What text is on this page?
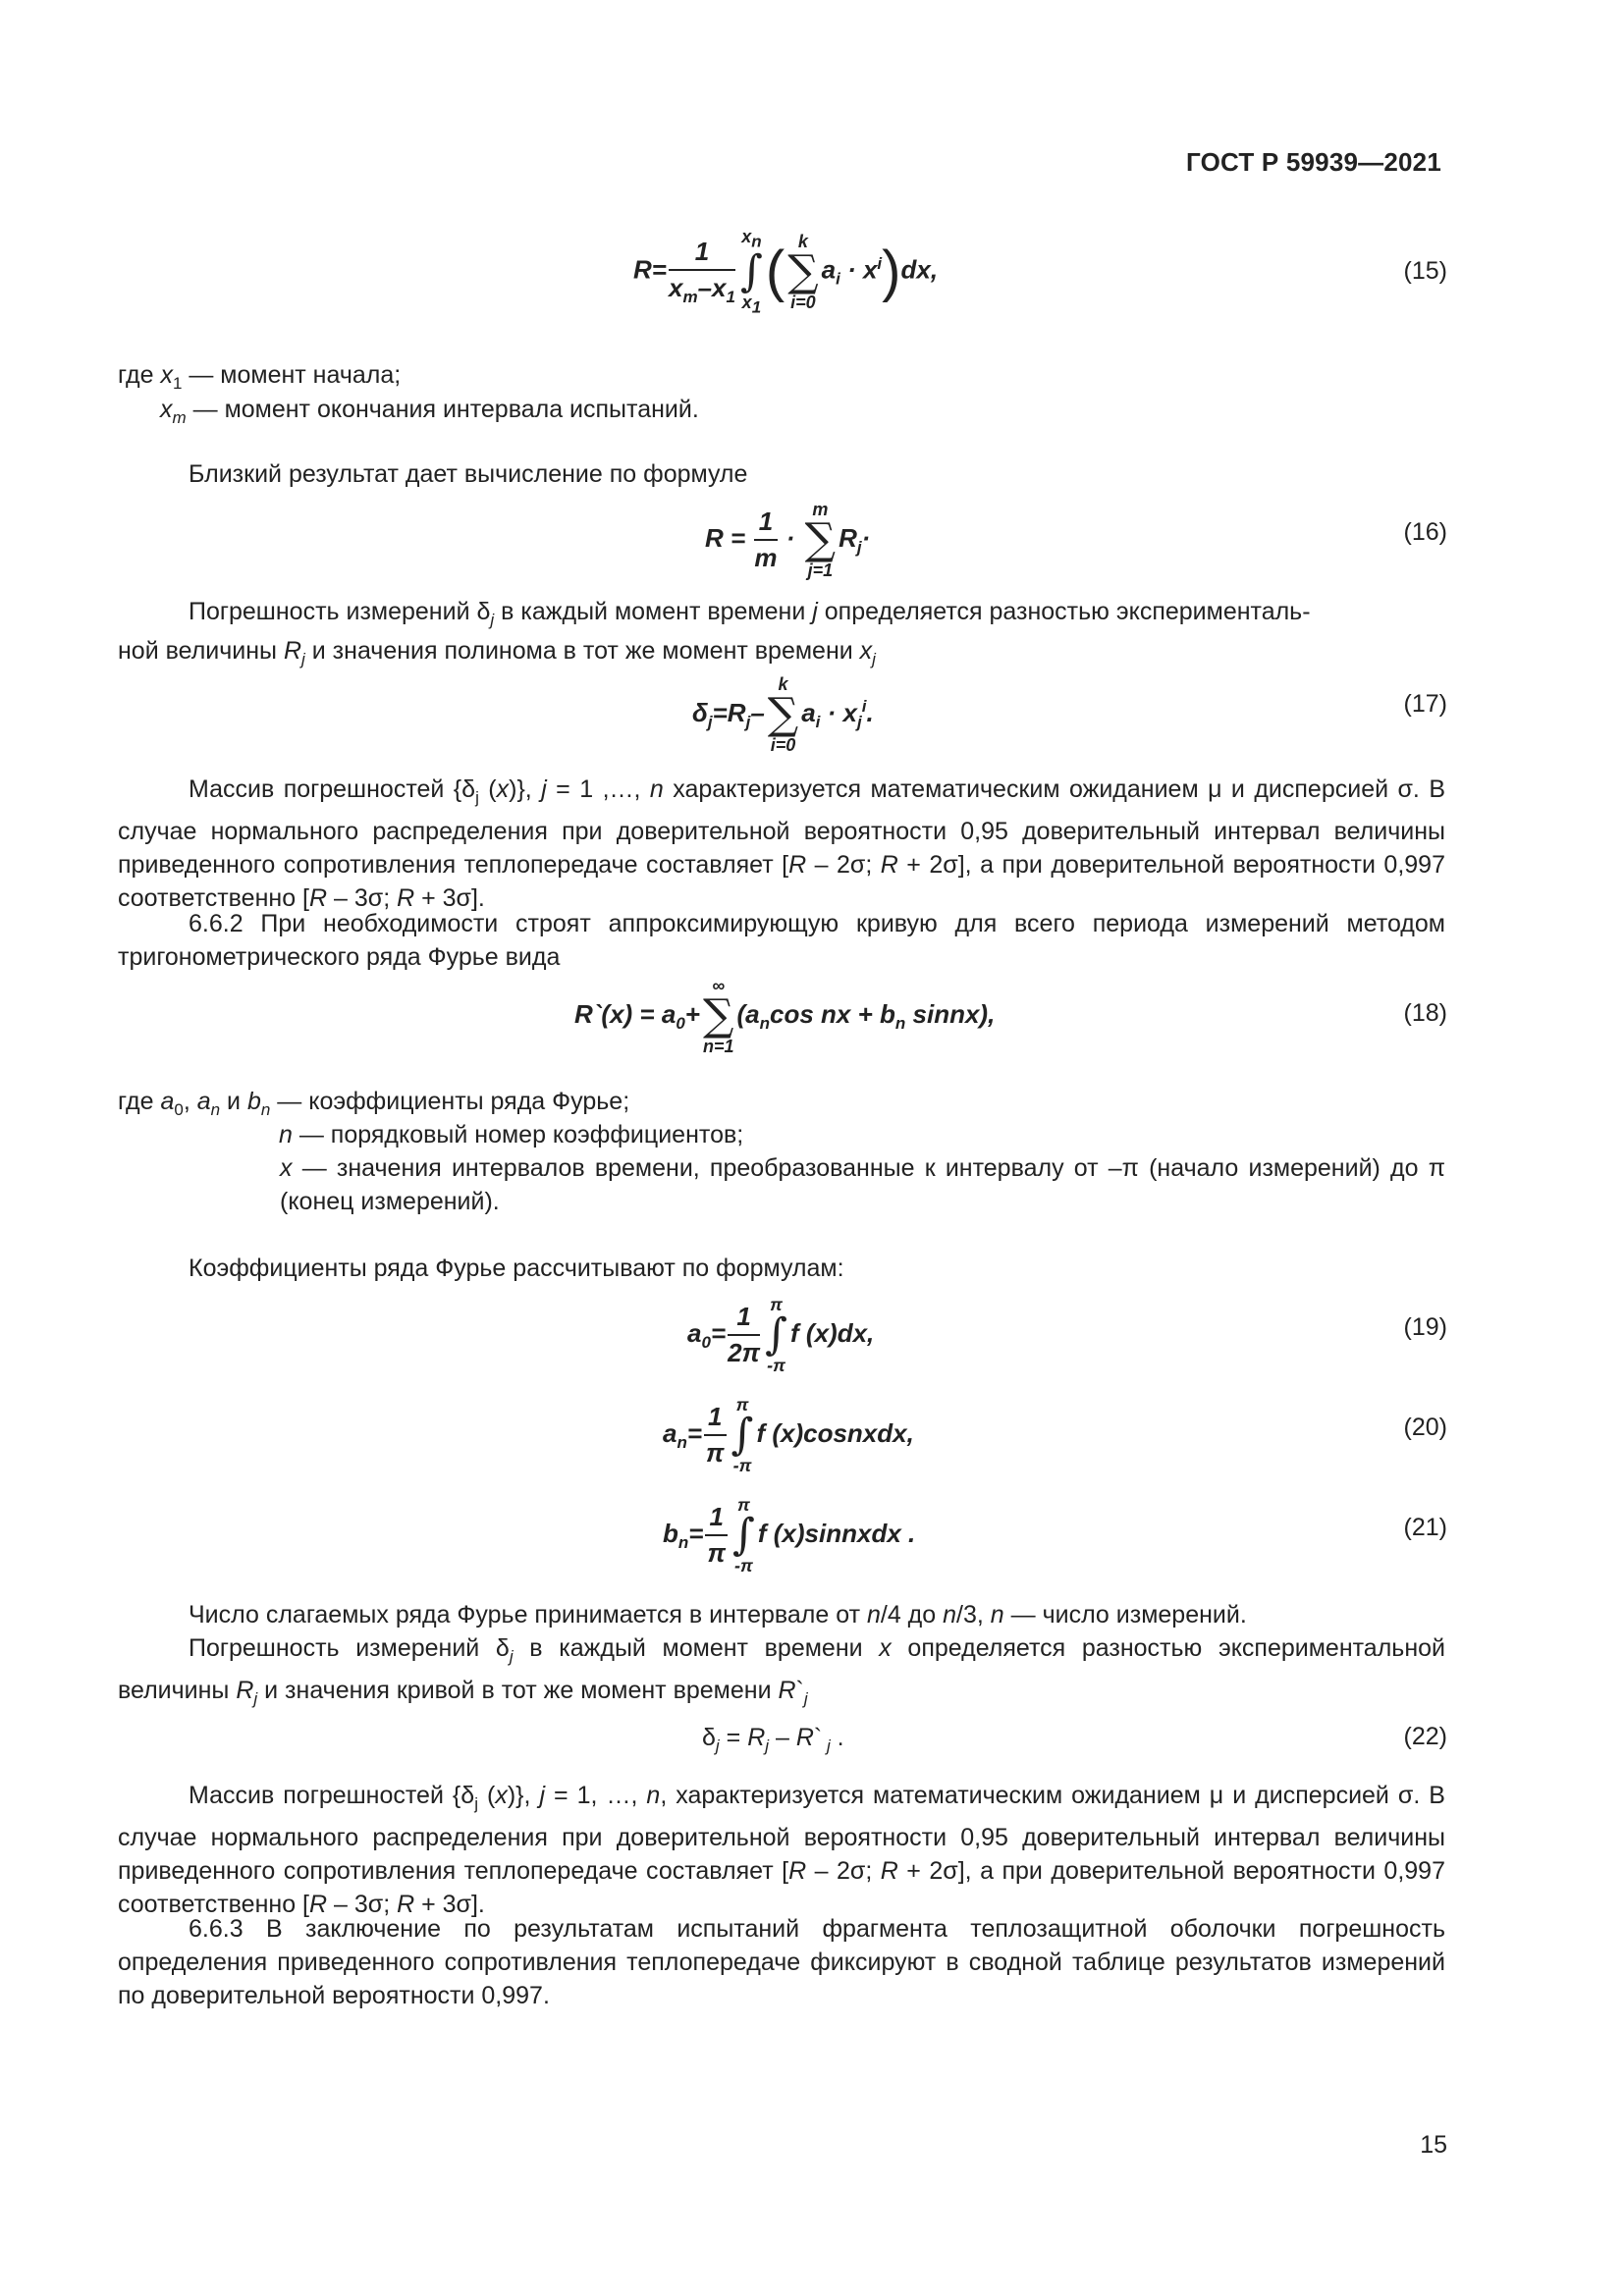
ГОСТ Р 59939—2021
$R= \frac{1}{x_m-x_1} x_n$
∫
$x_1$
( k
∑
i=0
$a_i \cdot x^i)dx$,	(15)
где $x_1$ — момент начала;
$x_m$ — момент окончания интервала испытаний.
Близкий результат дает вычисление по формуле
$R = \frac{1}{m}$ ·
m
∑
j=1
$R_j\cdot$	(16)
Погрешность измерений $\delta_j$ в каждый момент времени j определяется разностью эксперименталь-
ной величины $R_j$ и значения полинома в тот же момент времени $x_j$
$\delta_j=R_j-$
k
∑
i=0
$a_i \cdot x_j^i$.	(17)
Массив погрешностей {$\delta_j$ (x)}, j = 1 ,…, n характеризуется математическим ожиданием μ и дисперсией σ. В случае нормального распределения при доверительной вероятности 0,95 доверительный интервал величины приведенного сопротивления теплопередаче составляет [R – 2σ; R + 2σ], а при доверительной вероятности 0,997 соответственно [R – 3σ; R + 3σ].
6.6.2 При необходимости строят аппроксимирующую кривую для всего периода измерений методом тригонометрического ряда Фурье вида
R`(x) = $a_0+$
∞
∑
n=1
($a_n\cos$ nx + $b_n$ sinnx),	(18)
где $a_0$, $a_n$ и $b_n$ — коэффициенты ряда Фурье;
n — порядковый номер коэффициентов;
x — значения интервалов времени, преобразованные к интервалу от –π (начало измерений) до π (конец измерений).
Коэффициенты ряда Фурье рассчитывают по формулам:
$a_0= \frac{1}{2\pi}$ π
∫
-π
f (x)dx,	(19)
$a_n= \frac{1}{\pi}$ π
∫
-π
f (x)cosnxdx,	(20)
$b_n= \frac{1}{\pi}$ π
∫
-π
f (x)sinnxdx .	(21)
Число слагаемых ряда Фурье принимается в интервале от n/4 до n/3, n — число измерений.
Погрешность измерений $\delta_j$ в каждый момент времени x определяется разностью экспериментальной величины $R_j$ и значения кривой в тот же момент времени $R`_j$
$\delta_j = R_j$ – R` $_j$ .	(22)
Массив погрешностей {$\delta_j$ (x)}, j = 1, …, n, характеризуется математическим ожиданием μ и дисперсией σ. В случае нормального распределения при доверительной вероятности 0,95 доверительный интервал величины приведенного сопротивления теплопередаче составляет [R – 2σ; R + 2σ], а при доверительной вероятности 0,997 соответственно [R – 3σ; R + 3σ].
6.6.3 В заключение по результатам испытаний фрагмента теплозащитной оболочки погрешность определения приведенного сопротивления теплопередаче фиксируют в сводной таблице результатов измерений по доверительной вероятности 0,997.
15
